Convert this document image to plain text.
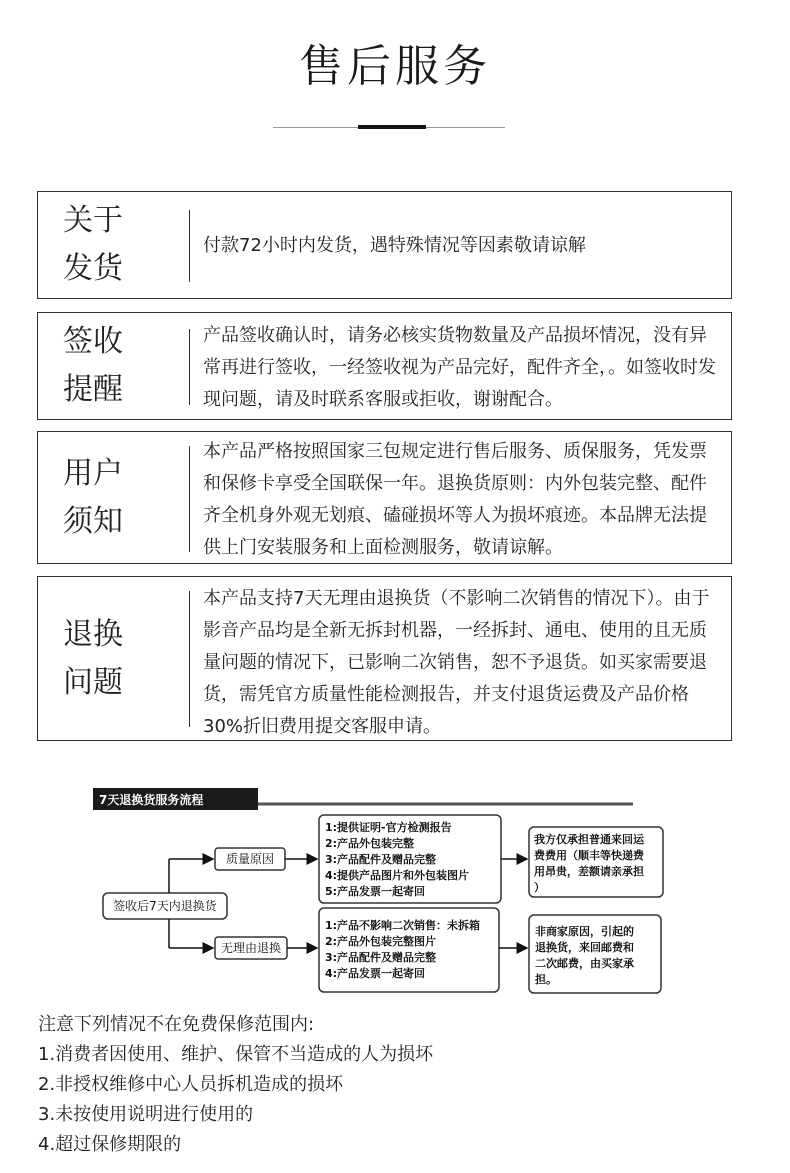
售后服务
关于
发货
付款72小时内发货，遇特殊情况等因素敬请谅解
签收
提醒
产品签收确认时，请务必核实货物数量及产品损坏情况，没有异常再进行签收，一经签收视为产品完好，配件齐全，。如签收时发现问题，请及时联系客服或拒收，谢谢配合。
用户
须知
本产品严格按照国家三包规定进行售后服务、质保服务，凭发票和保修卡享受全国联保一年。退换货原则：内外包装完整、配件齐全机身外观无划痕、磕碰损坏等人为损坏痕迹。本品牌无法提供上门安装服务和上面检测服务，敬请谅解。
退换
问题
本产品支持7天无理由退换货（不影响二次销售的情况下）。由于影音产品均是全新无拆封机器，一经拆封、通电、使用的且无质量问题的情况下，已影响二次销售，恕不予退货。如买家需要退货，需凭官方质量性能检测报告，并支付退货运费及产品价格30%折旧费用提交客服申请。
7天退换货服务流程
签收后7天内退换货
质量原因
无理由退换
1:提供证明-官方检测报告
2:产品外包装完整
3:产品配件及赠品完整
4:提供产品图片和外包装图片
5:产品发票一起寄回
1:产品不影响二次销售：未拆箱
2:产品外包装完整图片
3:产品配件及赠品完整
4:产品发票一起寄回
我方仅承担普通来回运
费费用（顺丰等快递费
用昂贵，差额请亲承担
）
非商家原因，引起的
退换货，来回邮费和
二次邮费，由买家承
担。
注意下列情况不在免费保修范围内:
1.消费者因使用、维护、保管不当造成的人为损坏
2.非授权维修中心人员拆机造成的损坏
3.未按使用说明进行使用的
4.超过保修期限的
